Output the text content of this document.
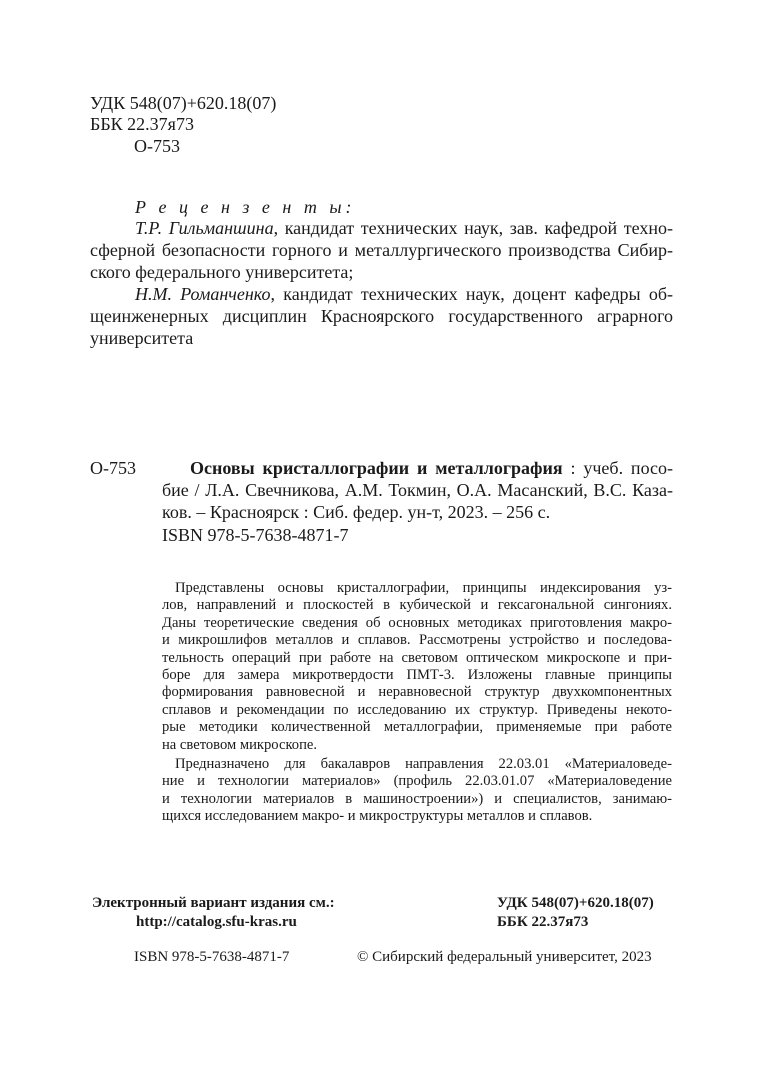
УДК 548(07)+620.18(07)
ББК 22.37я73
О-753
Р е ц е н з е н т ы:
Т.Р. Гильманшина, кандидат технических наук, зав. кафедрой техно-
сферной безопасности горного и металлургического производства Сибир-
ского федерального университета;
Н.М. Романченко, кандидат технических наук, доцент кафедры об-
щеинженерных дисциплин Красноярского государственного аграрного
университета
О-753	Основы кристаллографии и металлография : учеб. посо-
бие / Л.А. Свечникова, А.М. Токмин, О.А. Масанский, В.С. Каза-
ков. – Красноярск : Сиб. федер. ун-т, 2023. – 256 с.
ISBN 978-5-7638-4871-7
Представлены основы кристаллографии, принципы индексирования уз-
лов, направлений и плоскостей в кубической и гексагональной сингониях.
Даны теоретические сведения об основных методиках приготовления макро-
и микрошлифов металлов и сплавов. Рассмотрены устройство и последова-
тельность операций при работе на световом оптическом микроскопе и при-
боре для замера микротвердости ПМТ-3. Изложены главные принципы
формирования равновесной и неравновесной структур двухкомпонентных
сплавов и рекомендации по исследованию их структур. Приведены некото-
рые методики количественной металлографии, применяемые при работе
на световом микроскопе.
Предназначено для бакалавров направления 22.03.01 «Материаловеде-
ние и технологии материалов» (профиль 22.03.01.07 «Материаловедение
и технологии материалов в машиностроении») и специалистов, занимаю-
щихся исследованием макро- и микроструктуры металлов и сплавов.
Электронный вариант издания см.:
http://catalog.sfu-kras.ru
УДК 548(07)+620.18(07)
ББК 22.37я73
ISBN 978-5-7638-4871-7	© Сибирский федеральный университет, 2023
